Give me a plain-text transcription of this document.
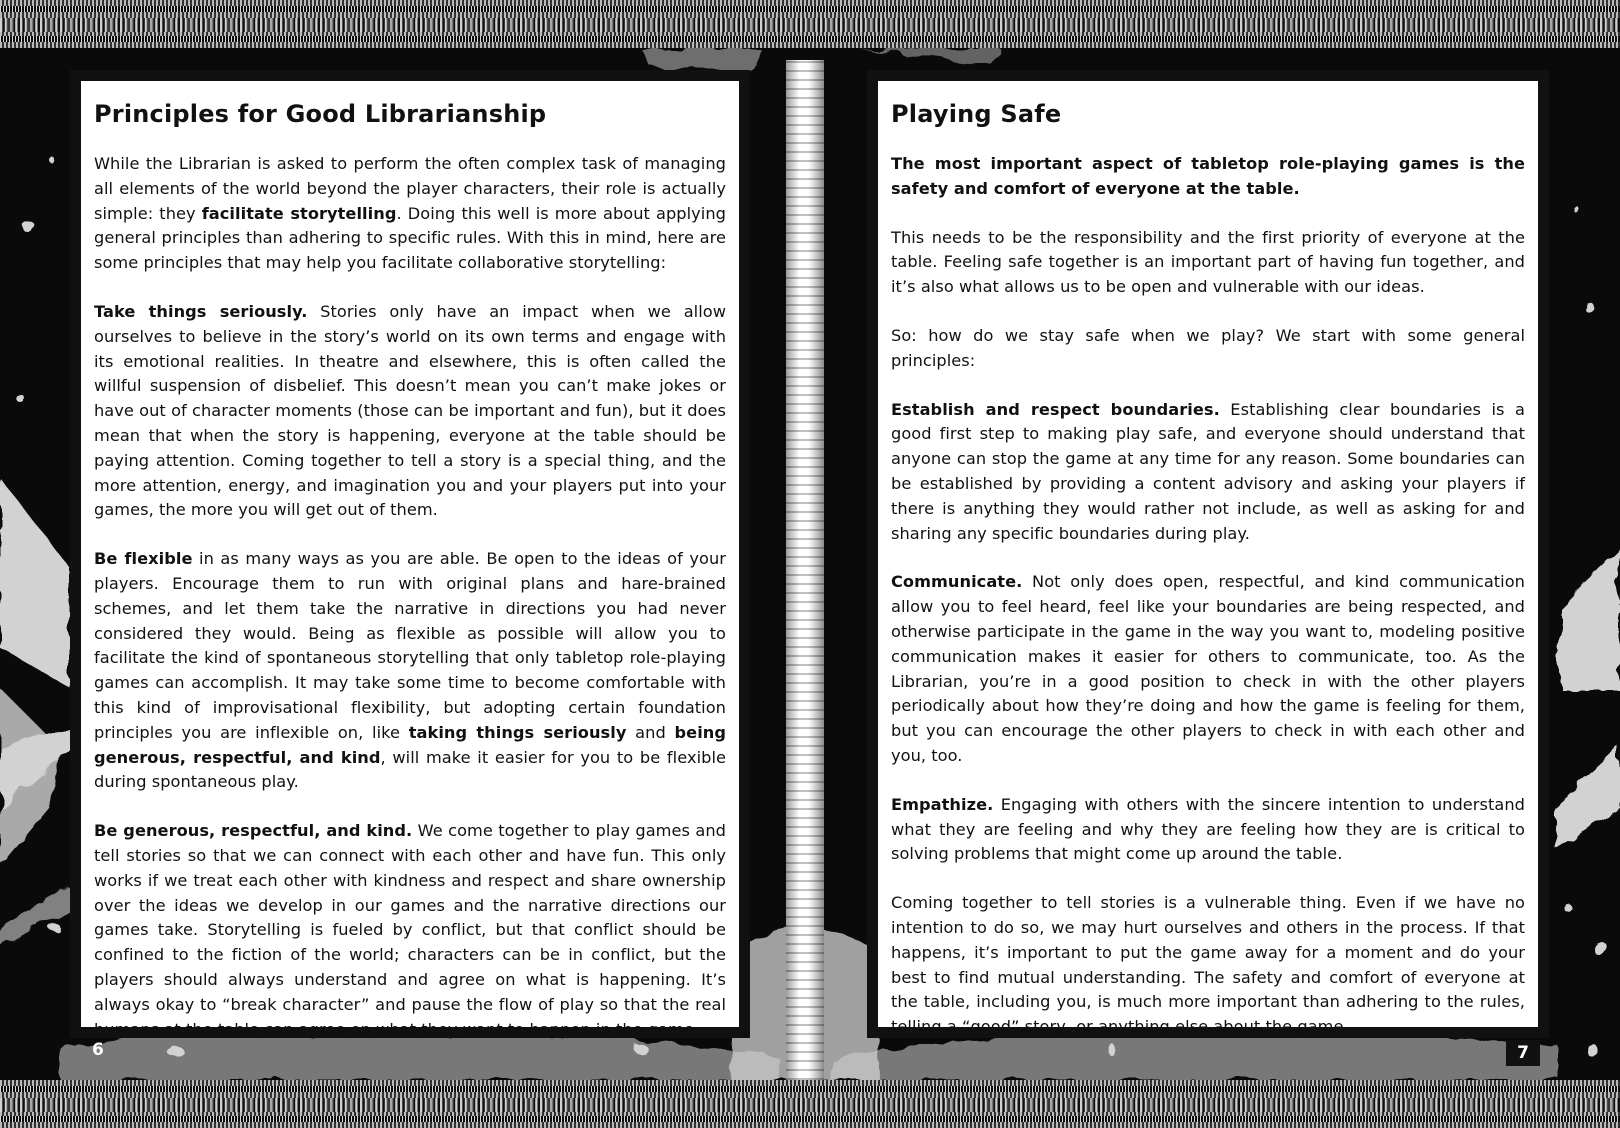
Principles for Good Librarianship

While the Librarian is asked to perform the often complex task of managing all elements of the world beyond the player characters, their role is actually simple: they facilitate storytelling. Doing this well is more about applying general principles than adhering to specific rules. With this in mind, here are some principles that may help you facilitate collaborative storytelling:

Take things seriously. Stories only have an impact when we allow ourselves to believe in the story’s world on its own terms and engage with its emotional realities. In theatre and elsewhere, this is often called the willful suspension of disbelief. This doesn’t mean you can’t make jokes or have out of character moments (those can be important and fun), but it does mean that when the story is happening, everyone at the table should be paying attention. Coming together to tell a story is a special thing, and the more attention, energy, and imagination you and your players put into your games, the more you will get out of them.

Be flexible in as many ways as you are able. Be open to the ideas of your players. Encourage them to run with original plans and hare-brained schemes, and let them take the narrative in directions you had never considered they would. Being as flexible as possible will allow you to facilitate the kind of spontaneous storytelling that only tabletop role-playing games can accomplish. It may take some time to become comfortable with this kind of improvisational flexibility, but adopting certain foundation principles you are inflexible on, like taking things seriously and being generous, respectful, and kind, will make it easier for you to be flexible during spontaneous play.

Be generous, respectful, and kind. We come together to play games and tell stories so that we can connect with each other and have fun. This only works if we treat each other with kindness and respect and share ownership over the ideas we develop in our games and the narrative directions our games take. Storytelling is fueled by conflict, but that conflict should be confined to the fiction of the world; characters can be in conflict, but the players should always understand and agree on what is happening. It’s always okay to “break character” and pause the flow of play so that the real humans at the table can agree on what they want to happen in the game.

Playing Safe

The most important aspect of tabletop role-playing games is the safety and comfort of everyone at the table.

This needs to be the responsibility and the first priority of everyone at the table. Feeling safe together is an important part of having fun together, and it’s also what allows us to be open and vulnerable with our ideas.

So: how do we stay safe when we play? We start with some general principles:

Establish and respect boundaries. Establishing clear boundaries is a good first step to making play safe, and everyone should understand that anyone can stop the game at any time for any reason. Some boundaries can be established by providing a content advisory and asking your players if there is anything they would rather not include, as well as asking for and sharing any specific boundaries during play.

Communicate. Not only does open, respectful, and kind communication allow you to feel heard, feel like your boundaries are being respected, and otherwise participate in the game in the way you want to, modeling positive communication makes it easier for others to communicate, too. As the Librarian, you’re in a good position to check in with the other players periodically about how they’re doing and how the game is feeling for them, but you can encourage the other players to check in with each other and you, too.

Empathize. Engaging with others with the sincere intention to understand what they are feeling and why they are feeling how they are is critical to solving problems that might come up around the table.

Coming together to tell stories is a vulnerable thing. Even if we have no intention to do so, we may hurt ourselves and others in the process. If that happens, it’s important to put the game away for a moment and do your best to find mutual understanding. The safety and comfort of everyone at the table, including you, is much more important than adhering to the rules, telling a “good” story, or anything else about the game.

6	7
